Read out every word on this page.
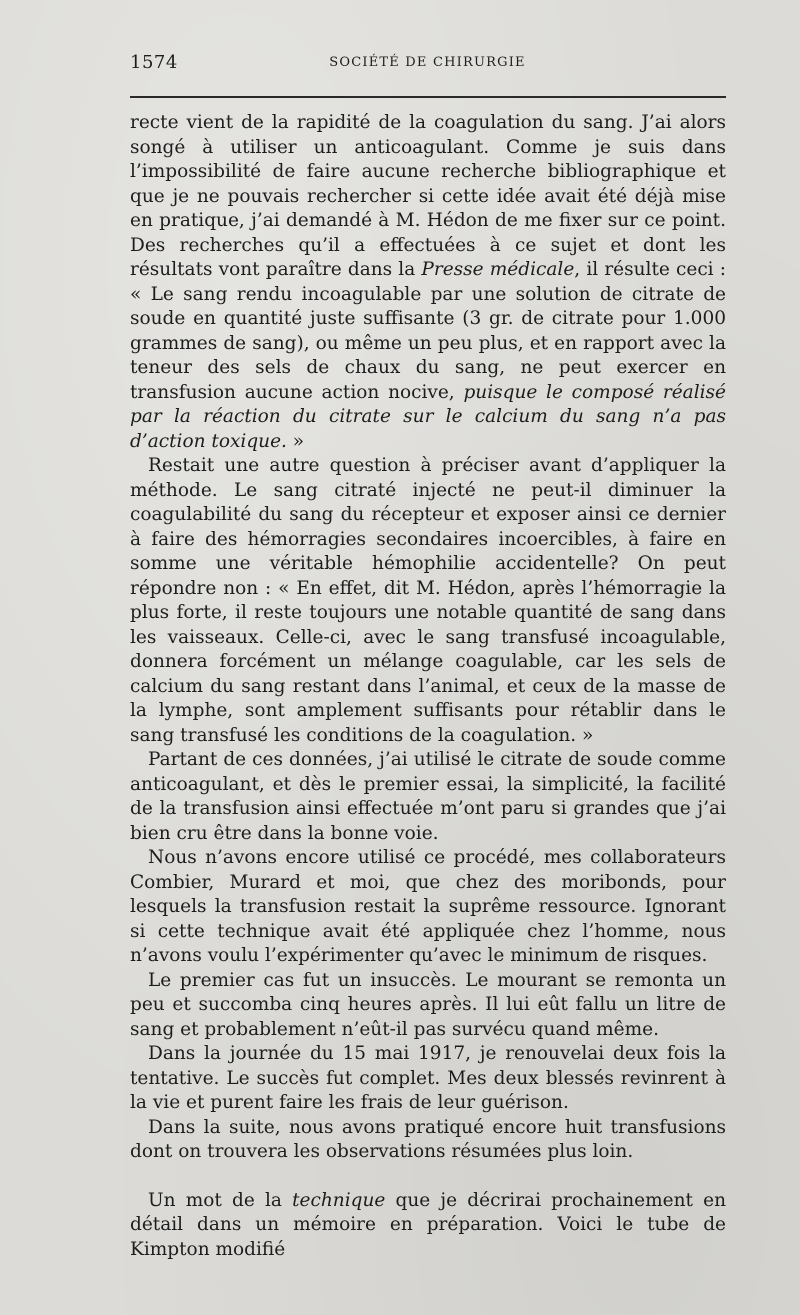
1574	SOCIÉTÉ DE CHIRURGIE

recte vient de la rapidité de la coagulation du sang. J’ai alors songé à utiliser un anticoagulant. Comme je suis dans l’impossibilité de faire aucune recherche bibliographique et que je ne pouvais rechercher si cette idée avait été déjà mise en pratique, j’ai demandé à M. Hédon de me fixer sur ce point. Des recherches qu’il a effectuées à ce sujet et dont les résultats vont paraître dans la Presse médicale, il résulte ceci : « Le sang rendu incoagulable par une solution de citrate de soude en quantité juste suffisante (3 gr. de citrate pour 1.000 grammes de sang), ou même un peu plus, et en rapport avec la teneur des sels de chaux du sang, ne peut exercer en transfusion aucune action nocive, puisque le composé réalisé par la réaction du citrate sur le calcium du sang n’a pas d’action toxique. »

Restait une autre question à préciser avant d’appliquer la méthode. Le sang citraté injecté ne peut-il diminuer la coagulabilité du sang du récepteur et exposer ainsi ce dernier à faire des hémorragies secondaires incoercibles, à faire en somme une véritable hémophilie accidentelle? On peut répondre non : « En effet, dit M. Hédon, après l’hémorragie la plus forte, il reste toujours une notable quantité de sang dans les vaisseaux. Celle-ci, avec le sang transfusé incoagulable, donnera forcément un mélange coagulable, car les sels de calcium du sang restant dans l’animal, et ceux de la masse de la lymphe, sont amplement suffisants pour rétablir dans le sang transfusé les conditions de la coagulation. »

Partant de ces données, j’ai utilisé le citrate de soude comme anticoagulant, et dès le premier essai, la simplicité, la facilité de la transfusion ainsi effectuée m’ont paru si grandes que j’ai bien cru être dans la bonne voie.

Nous n’avons encore utilisé ce procédé, mes collaborateurs Combier, Murard et moi, que chez des moribonds, pour lesquels la transfusion restait la suprême ressource. Ignorant si cette technique avait été appliquée chez l’homme, nous n’avons voulu l’expérimenter qu’avec le minimum de risques.

Le premier cas fut un insuccès. Le mourant se remonta un peu et succomba cinq heures après. Il lui eût fallu un litre de sang et probablement n’eût-il pas survécu quand même.

Dans la journée du 15 mai 1917, je renouvelai deux fois la tentative. Le succès fut complet. Mes deux blessés revinrent à la vie et purent faire les frais de leur guérison.

Dans la suite, nous avons pratiqué encore huit transfusions dont on trouvera les observations résumées plus loin.

Un mot de la technique que je décrirai prochainement en détail dans un mémoire en préparation. Voici le tube de Kimpton modifié
